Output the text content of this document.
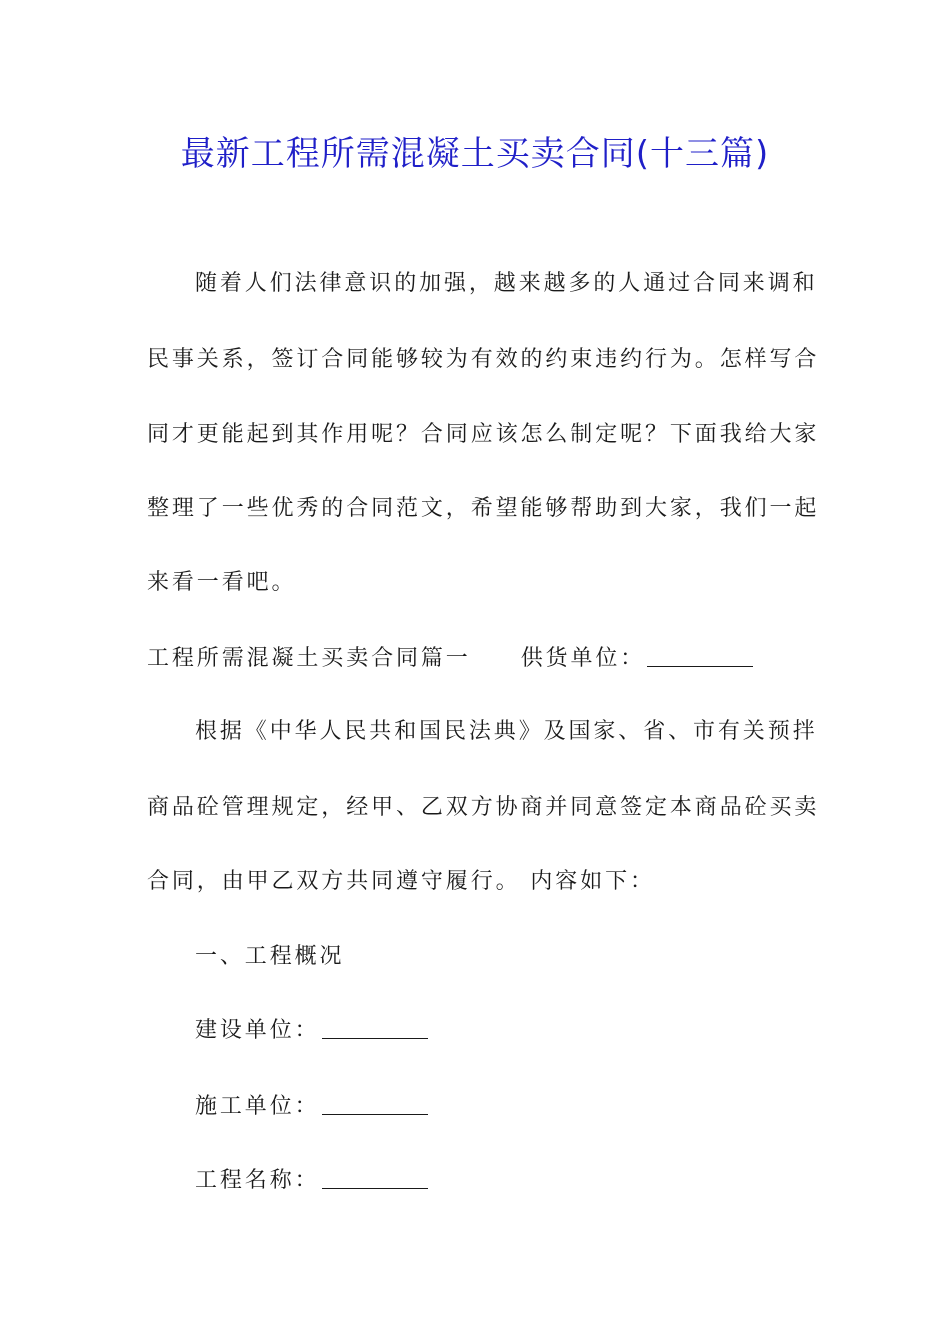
最新工程所需混凝土买卖合同(十三篇)
随着人们法律意识的加强，越来越多的人通过合同来调和
民事关系，签订合同能够较为有效的约束违约行为。怎样写合
同才更能起到其作用呢？合同应该怎么制定呢？下面我给大家
整理了一些优秀的合同范文，希望能够帮助到大家，我们一起
来看一看吧。
工程所需混凝土买卖合同篇一 供货单位：
根据《中华人民共和国民法典》及国家、省、市有关预拌
商品砼管理规定，经甲、乙双方协商并同意签定本商品砼买卖
合同，由甲乙双方共同遵守履行。 内容如下：
一、工程概况
建设单位：
施工单位：
工程名称：
